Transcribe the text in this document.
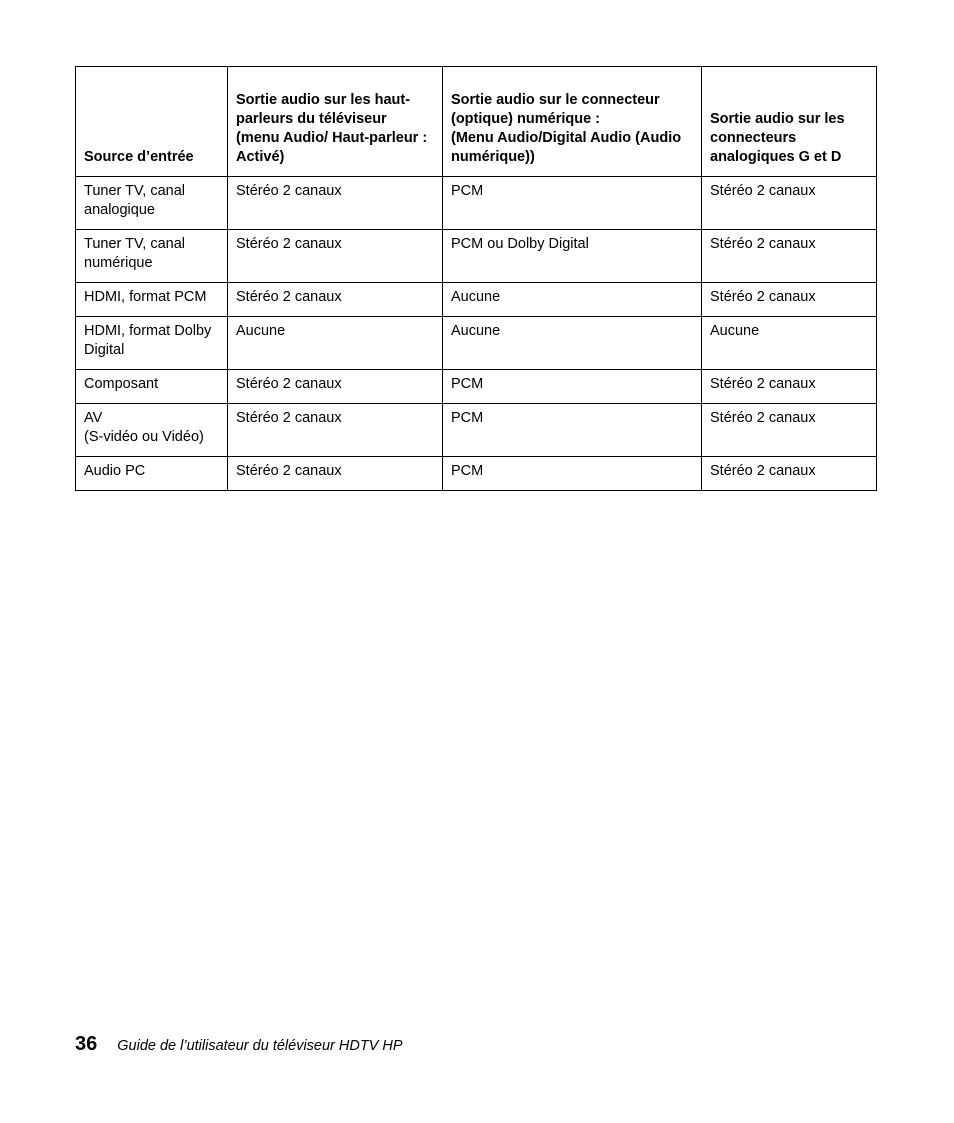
Source d’entrée	Sortie audio sur les haut-parleurs du téléviseur (menu Audio/ Haut-parleur : Activé)	Sortie audio sur le connecteur (optique) numérique :
(Menu Audio/Digital Audio (Audio numérique))	Sortie audio sur les connecteurs analogiques G et D
Tuner TV, canal analogique	Stéréo 2 canaux	PCM	Stéréo 2 canaux
Tuner TV, canal numérique	Stéréo 2 canaux	PCM ou Dolby Digital	Stéréo 2 canaux
HDMI, format PCM	Stéréo 2 canaux	Aucune	Stéréo 2 canaux
HDMI, format Dolby Digital	Aucune	Aucune	Aucune
Composant	Stéréo 2 canaux	PCM	Stéréo 2 canaux
AV
(S-vidéo ou Vidéo)	Stéréo 2 canaux	PCM	Stéréo 2 canaux
Audio PC	Stéréo 2 canaux	PCM	Stéréo 2 canaux
36 Guide de l’utilisateur du téléviseur HDTV HP
